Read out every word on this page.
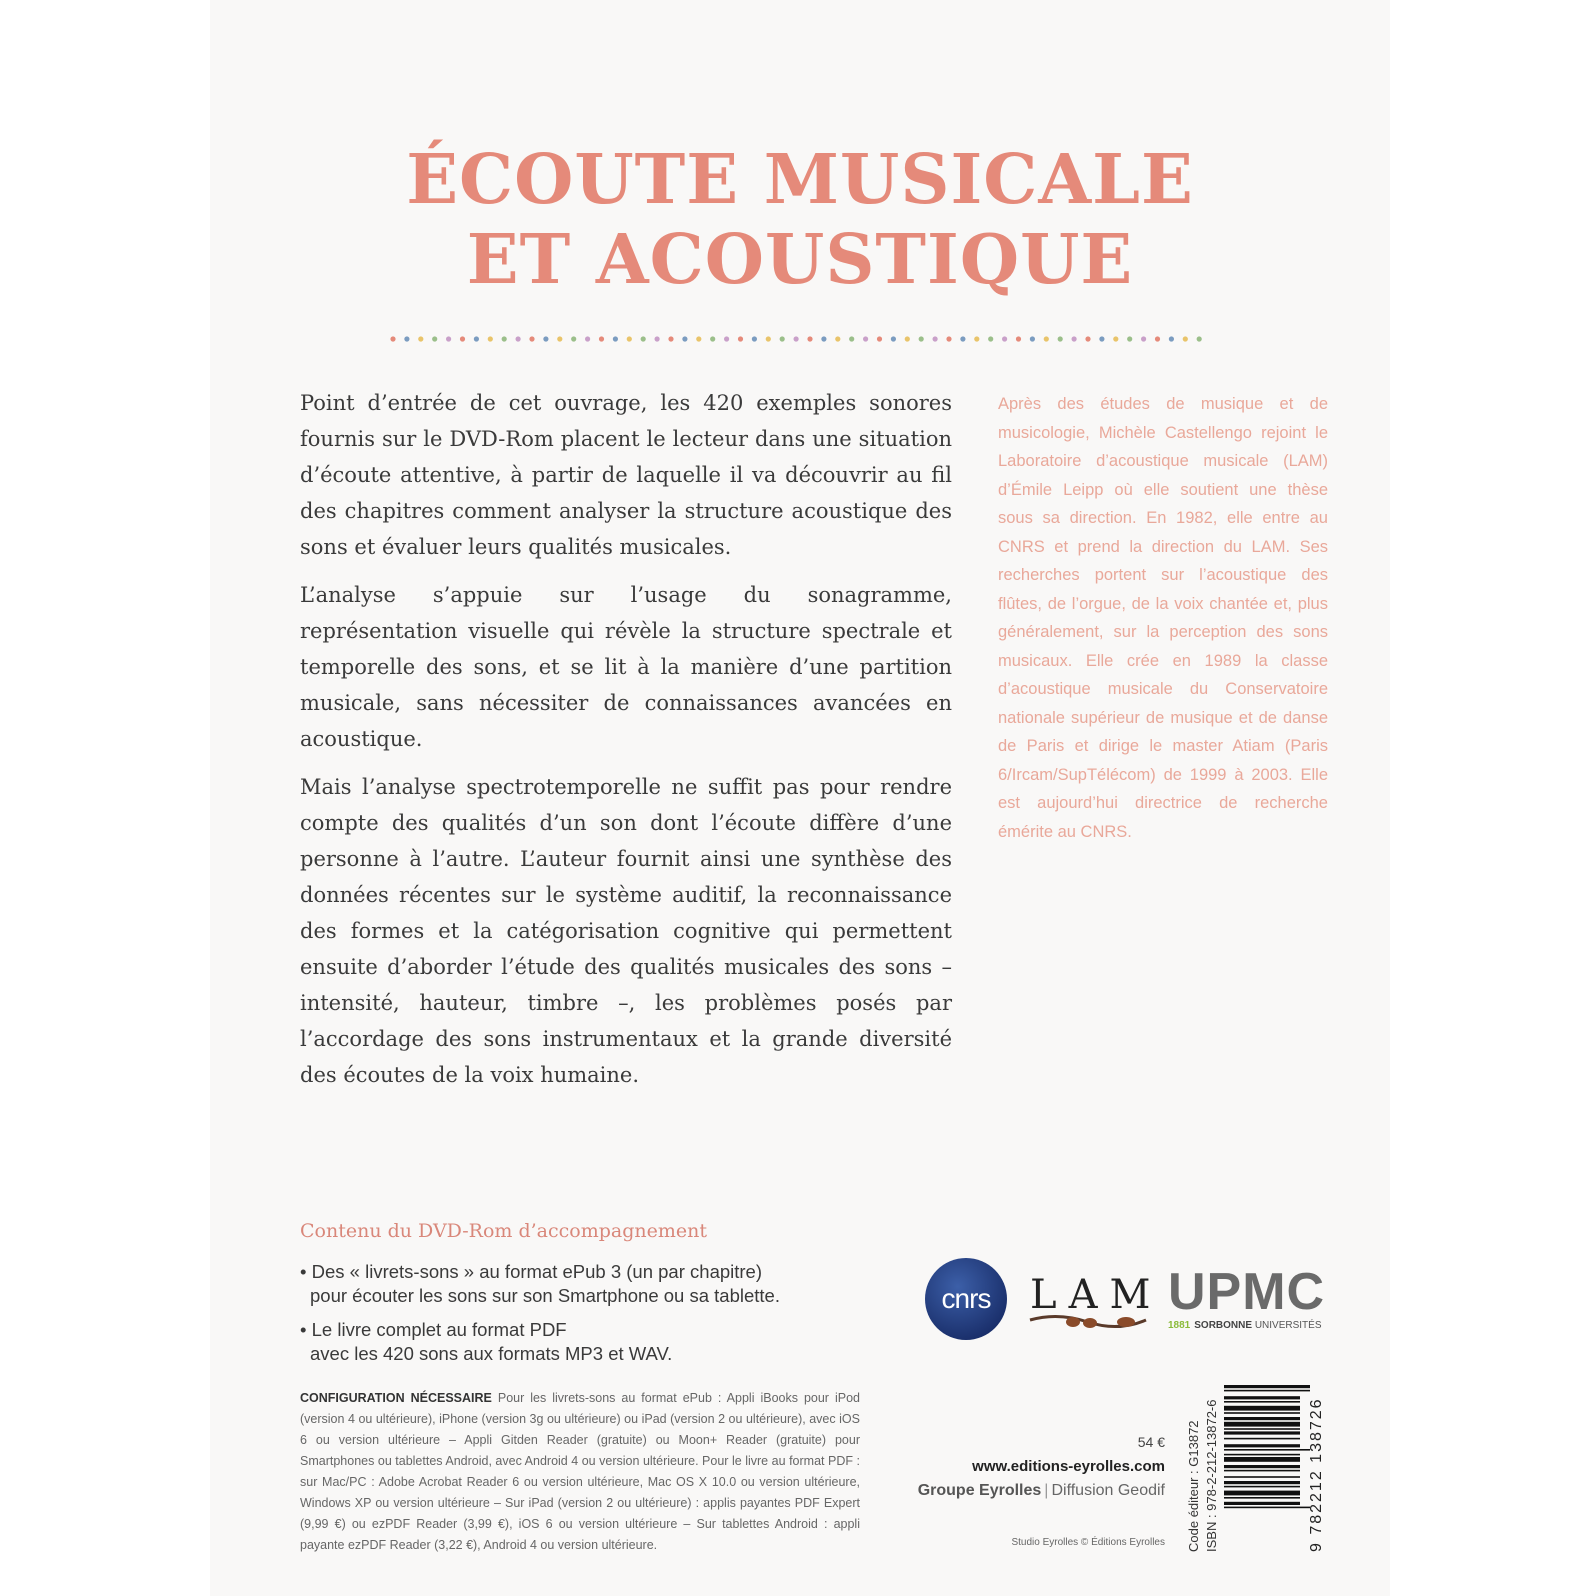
ÉCOUTE MUSICALE
ET ACOUSTIQUE

Point d’entrée de cet ouvrage, les 420 exemples sonores fournis sur le DVD-Rom placent le lecteur dans une situation d’écoute attentive, à partir de laquelle il va découvrir au fil des chapitres comment analyser la structure acoustique des sons et évaluer leurs qualités musicales.

L’analyse s’appuie sur l’usage du sonagramme, représentation visuelle qui révèle la structure spectrale et temporelle des sons, et se lit à la manière d’une partition musicale, sans nécessiter de connaissances avancées en acoustique.

Mais l’analyse spectrotemporelle ne suffit pas pour rendre compte des qualités d’un son dont l’écoute diffère d’une personne à l’autre. L’auteur fournit ainsi une synthèse des données récentes sur le système auditif, la reconnaissance des formes et la catégorisation cognitive qui permettent ensuite d’aborder l’étude des qualités musicales des sons – intensité, hauteur, timbre –, les problèmes posés par l’accordage des sons instrumentaux et la grande diversité des écoutes de la voix humaine.

Après des études de musique et de musicologie, Michèle Castellengo rejoint le Laboratoire d’acoustique musicale (LAM) d’Émile Leipp où elle soutient une thèse sous sa direction. En 1982, elle entre au CNRS et prend la direction du LAM. Ses recherches portent sur l’acoustique des flûtes, de l’orgue, de la voix chantée et, plus généralement, sur la perception des sons musicaux. Elle crée en 1989 la classe d’acoustique musicale du Conservatoire nationale supérieur de musique et de danse de Paris et dirige le master Atiam (Paris 6/Ircam/SupTélécom) de 1999 à 2003. Elle est aujourd’hui directrice de recherche émérite au CNRS.
Contenu du DVD-Rom d’accompagnement
• Des « livrets-sons » au format ePub 3 (un par chapitre)
pour écouter les sons sur son Smartphone ou sa tablette.
• Le livre complet au format PDF
avec les 420 sons aux formats MP3 et WAV.
CONFIGURATION NÉCESSAIRE Pour les livrets-sons au format ePub : Appli iBooks pour iPod (version 4 ou ultérieure), iPhone (version 3g ou ultérieure) ou iPad (version 2 ou ultérieure), avec iOS 6 ou version ultérieure – Appli Gitden Reader (gratuite) ou Moon+ Reader (gratuite) pour Smartphones ou tablettes Android, avec Android 4 ou version ultérieure. Pour le livre au format PDF : sur Mac/PC : Adobe Acrobat Reader 6 ou version ultérieure, Mac OS X 10.0 ou version ultérieure, Windows XP ou version ultérieure – Sur iPad (version 2 ou ultérieure) : applis payantes PDF Expert (9,99 €) ou ezPDF Reader (3,99 €), iOS 6 ou version ultérieure – Sur tablettes Android : appli payante ezPDF Reader (3,22 €), Android 4 ou version ultérieure.
cnrs LAM UPMC
1881 SORBONNE UNIVERSITÉS
54 €
www.editions-eyrolles.com
Groupe Eyrolles | Diffusion Geodif
Studio Eyrolles © Éditions Eyrolles Code éditeur : G13872 ISBN : 978-2-212-13872-6	9 782212 138726
